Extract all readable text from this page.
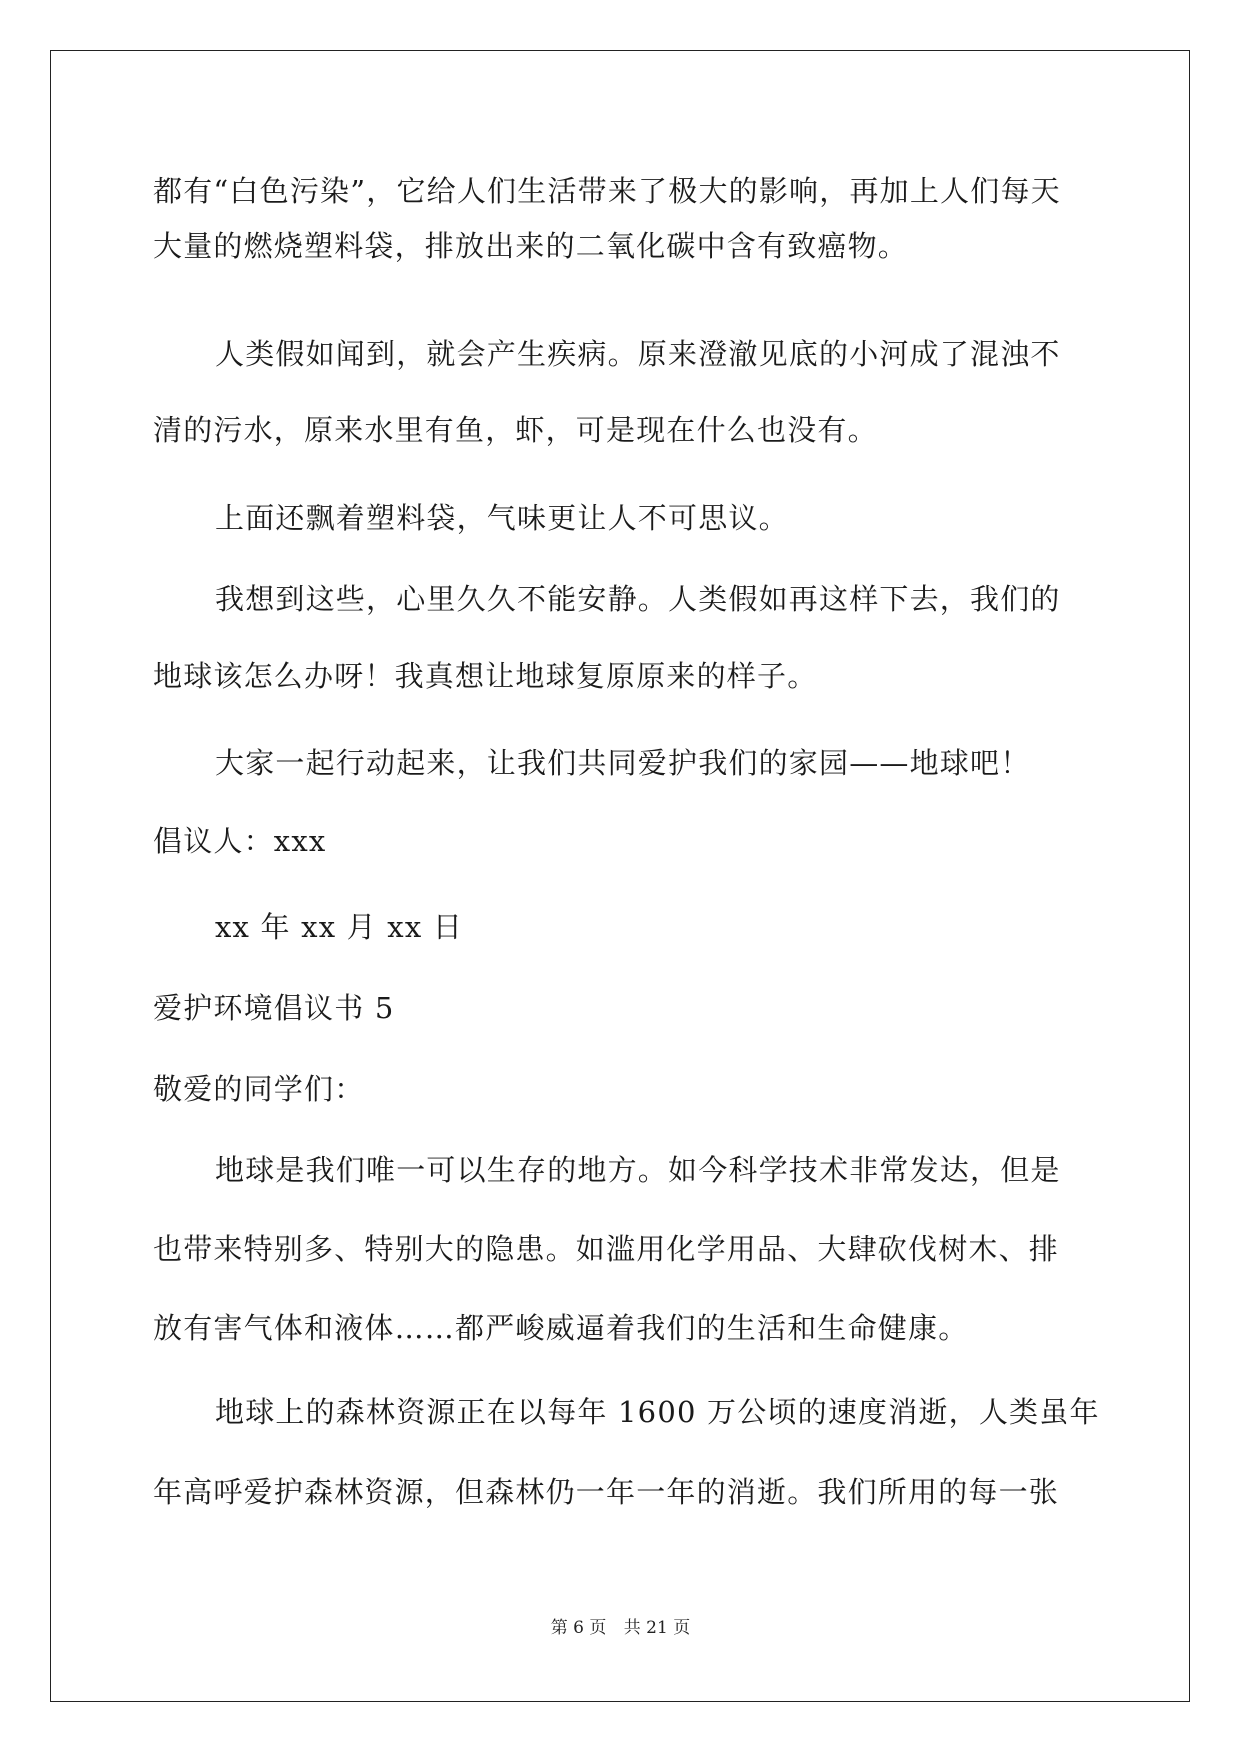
都有“白色污染”，它给人们生活带来了极大的影响，再加上人们每天
大量的燃烧塑料袋，排放出来的二氧化碳中含有致癌物。
人类假如闻到，就会产生疾病。原来澄澈见底的小河成了混浊不
清的污水，原来水里有鱼，虾，可是现在什么也没有。
上面还飘着塑料袋，气味更让人不可思议。
我想到这些，心里久久不能安静。人类假如再这样下去，我们的
地球该怎么办呀！我真想让地球复原原来的样子。
大家一起行动起来，让我们共同爱护我们的家园——地球吧！
倡议人：xxx
xx 年 xx 月 xx 日
爱护环境倡议书 5
敬爱的同学们：
地球是我们唯一可以生存的地方。如今科学技术非常发达，但是
也带来特别多、特别大的隐患。如滥用化学用品、大肆砍伐树木、排
放有害气体和液体……都严峻威逼着我们的生活和生命健康。
地球上的森林资源正在以每年 1600 万公顷的速度消逝，人类虽年
年高呼爱护森林资源，但森林仍一年一年的消逝。我们所用的每一张
第 6 页 共 21 页
